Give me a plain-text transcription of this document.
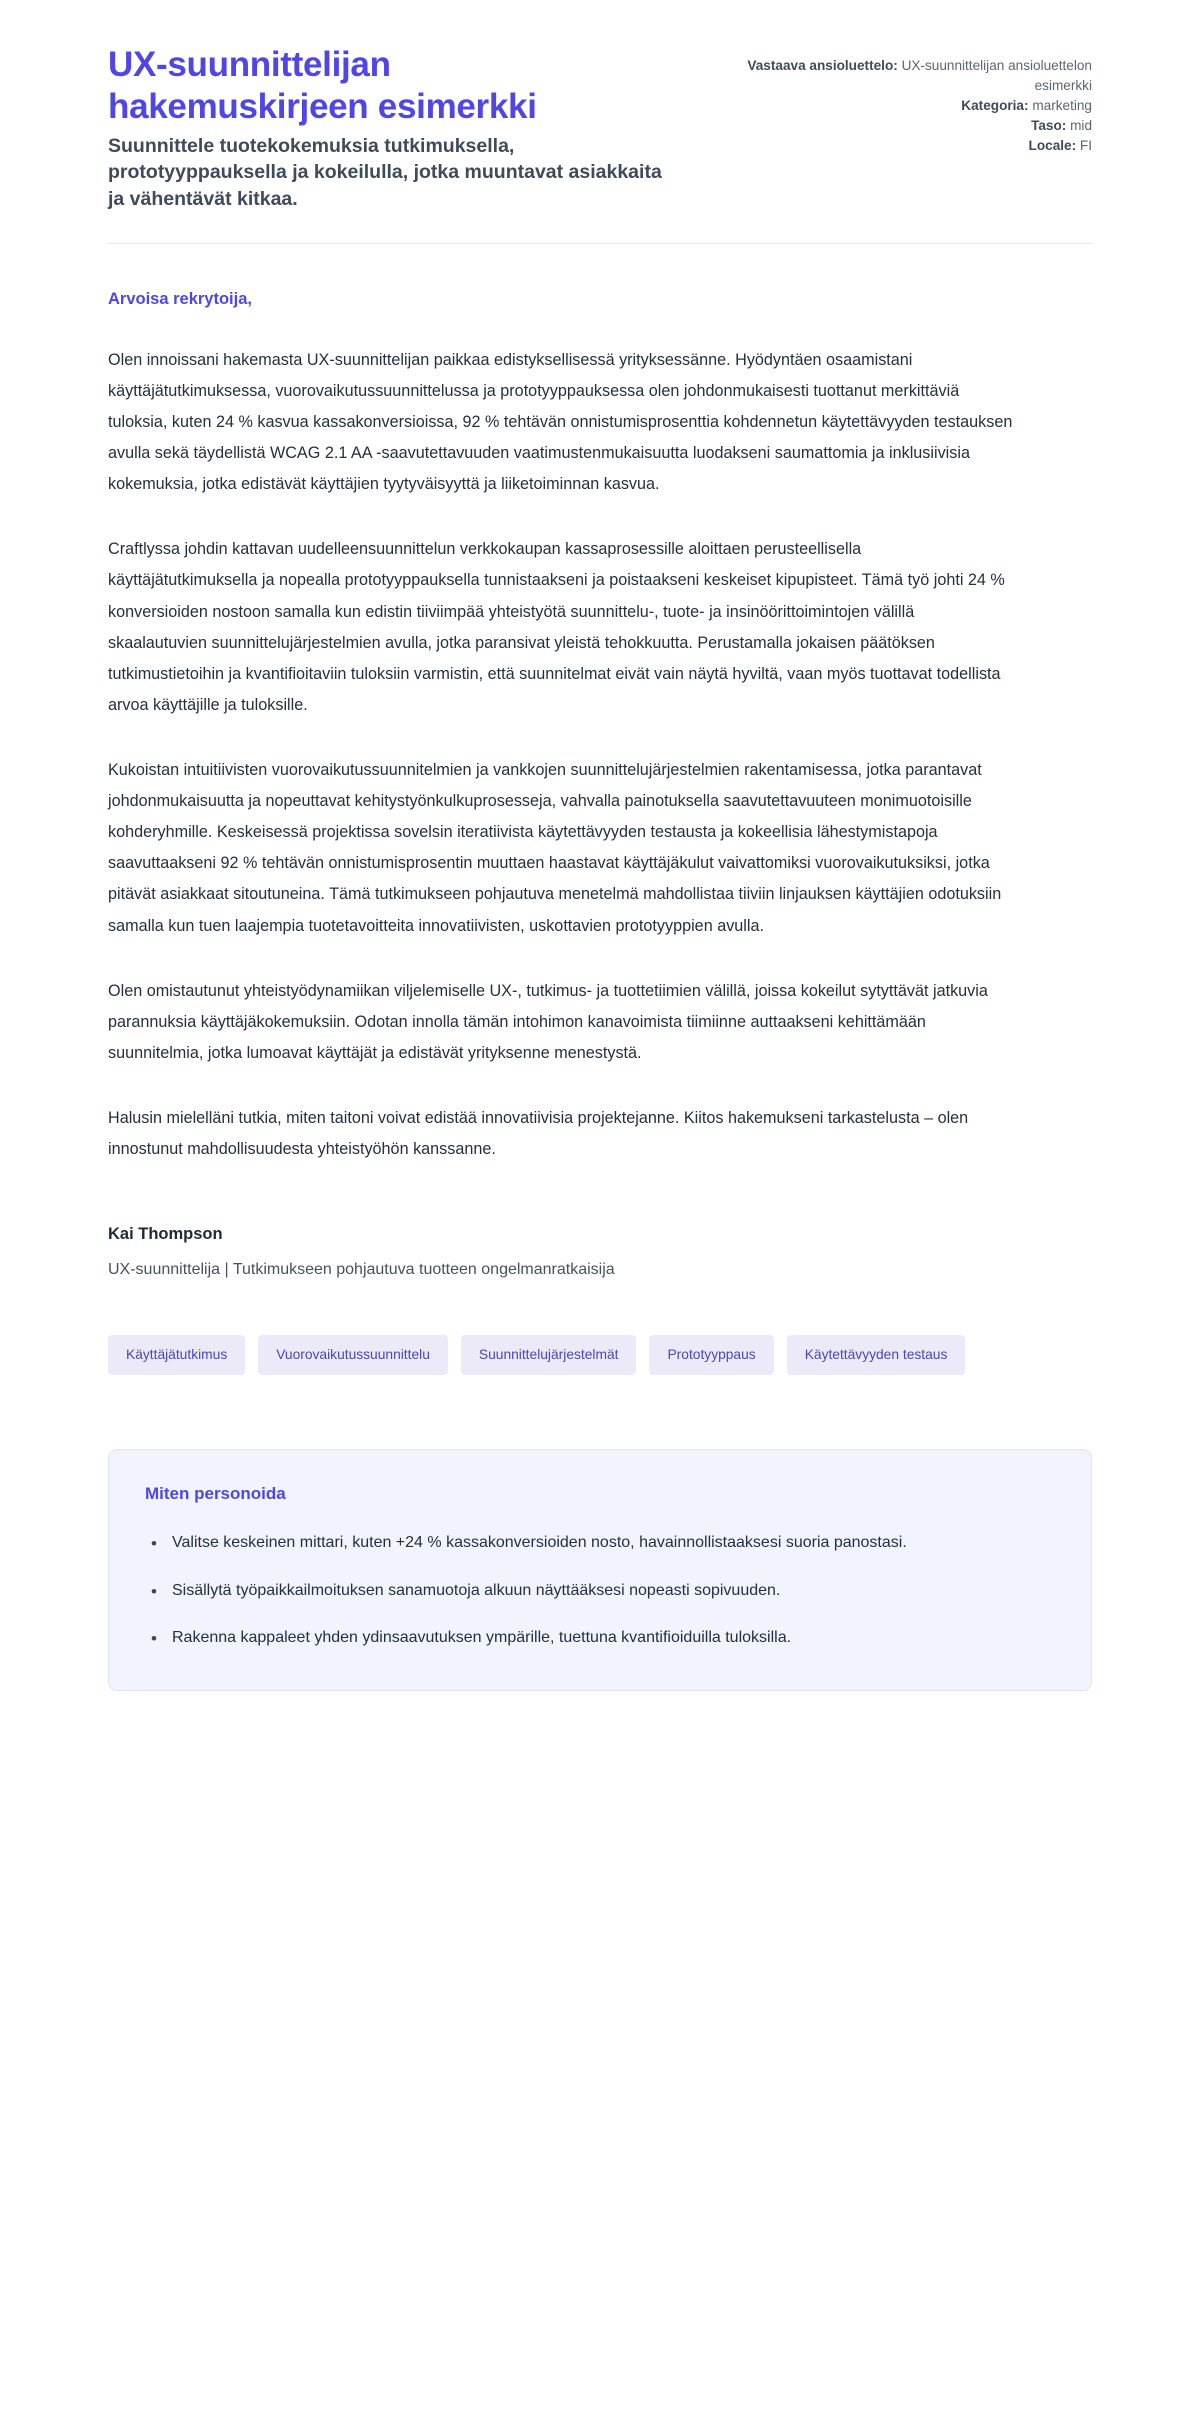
UX-suunnittelijan hakemuskirjeen esimerkki

Suunnittele tuotekokemuksia tutkimuksella, prototyyppauksella ja kokeilulla, jotka muuntavat asiakkaita ja vähentävät kitkaa.

Vastaava ansioluettelo: UX-suunnittelijan ansioluettelon esimerkki
Kategoria: marketing
Taso: mid
Locale: FI

Arvoisa rekrytoija,

Olen innoissani hakemasta UX-suunnittelijan paikkaa edistyksellisessä yrityksessänne. Hyödyntäen osaamistani käyttäjätutkimuksessa, vuorovaikutussuunnittelussa ja prototyyppauksessa olen johdonmukaisesti tuottanut merkittäviä tuloksia, kuten 24 % kasvua kassakonversioissa, 92 % tehtävän onnistumisprosenttia kohdennetun käytettävyyden testauksen avulla sekä täydellistä WCAG 2.1 AA -saavutettavuuden vaatimustenmukaisuutta luodakseni saumattomia ja inklusiivisia kokemuksia, jotka edistävät käyttäjien tyytyväisyyttä ja liiketoiminnan kasvua.

Craftlyssa johdin kattavan uudelleensuunnittelun verkkokaupan kassaprosessille aloittaen perusteellisella käyttäjätutkimuksella ja nopealla prototyyppauksella tunnistaakseni ja poistaakseni keskeiset kipupisteet. Tämä työ johti 24 % konversioiden nostoon samalla kun edistin tiiviimpää yhteistyötä suunnittelu-, tuote- ja insinöörittoimintojen välillä skaalautuvien suunnittelujärjestelmien avulla, jotka paransivat yleistä tehokkuutta. Perustamalla jokaisen päätöksen tutkimustietoihin ja kvantifioitaviin tuloksiin varmistin, että suunnitelmat eivät vain näytä hyviltä, vaan myös tuottavat todellista arvoa käyttäjille ja tuloksille.

Kukoistan intuitiivisten vuorovaikutussuunnitelmien ja vankkojen suunnittelujärjestelmien rakentamisessa, jotka parantavat johdonmukaisuutta ja nopeuttavat kehitystyönkulkuprosesseja, vahvalla painotuksella saavutettavuuteen monimuotoisille kohderyhmille. Keskeisessä projektissa sovelsin iteratiivista käytettävyyden testausta ja kokeellisia lähestymistapoja saavuttaakseni 92 % tehtävän onnistumisprosentin muuttaen haastavat käyttäjäkulut vaivattomiksi vuorovaikutuksiksi, jotka pitävät asiakkaat sitoutuneina. Tämä tutkimukseen pohjautuva menetelmä mahdollistaa tiiviin linjauksen käyttäjien odotuksiin samalla kun tuen laajempia tuotetavoitteita innovatiivisten, uskottavien prototyyppien avulla.

Olen omistautunut yhteistyödynamiikan viljelemiselle UX-, tutkimus- ja tuottetiimien välillä, joissa kokeilut sytyttävät jatkuvia parannuksia käyttäjäkokemuksiin. Odotan innolla tämän intohimon kanavoimista tiimiinne auttaakseni kehittämään suunnitelmia, jotka lumoavat käyttäjät ja edistävät yrityksenne menestystä.

Halusin mielelläni tutkia, miten taitoni voivat edistää innovatiivisia projektejanne. Kiitos hakemukseni tarkastelusta – olen innostunut mahdollisuudesta yhteistyöhön kanssanne.

Kai Thompson

UX-suunnittelija | Tutkimukseen pohjautuva tuotteen ongelmanratkaisija

Käyttäjätutkimus	Vuorovaikutussuunnittelu	Suunnittelujärjestelmät	Prototyyppaus	Käytettävyyden testaus
Miten personoida
• Valitse keskeinen mittari, kuten +24 % kassakonversioiden nosto, havainnollistaaksesi suoria panostasi.
• Sisällytä työpaikkailmoituksen sanamuotoja alkuun näyttääksesi nopeasti sopivuuden.
• Rakenna kappaleet yhden ydinsaavutuksen ympärille, tuettuna kvantifioiduilla tuloksilla.
